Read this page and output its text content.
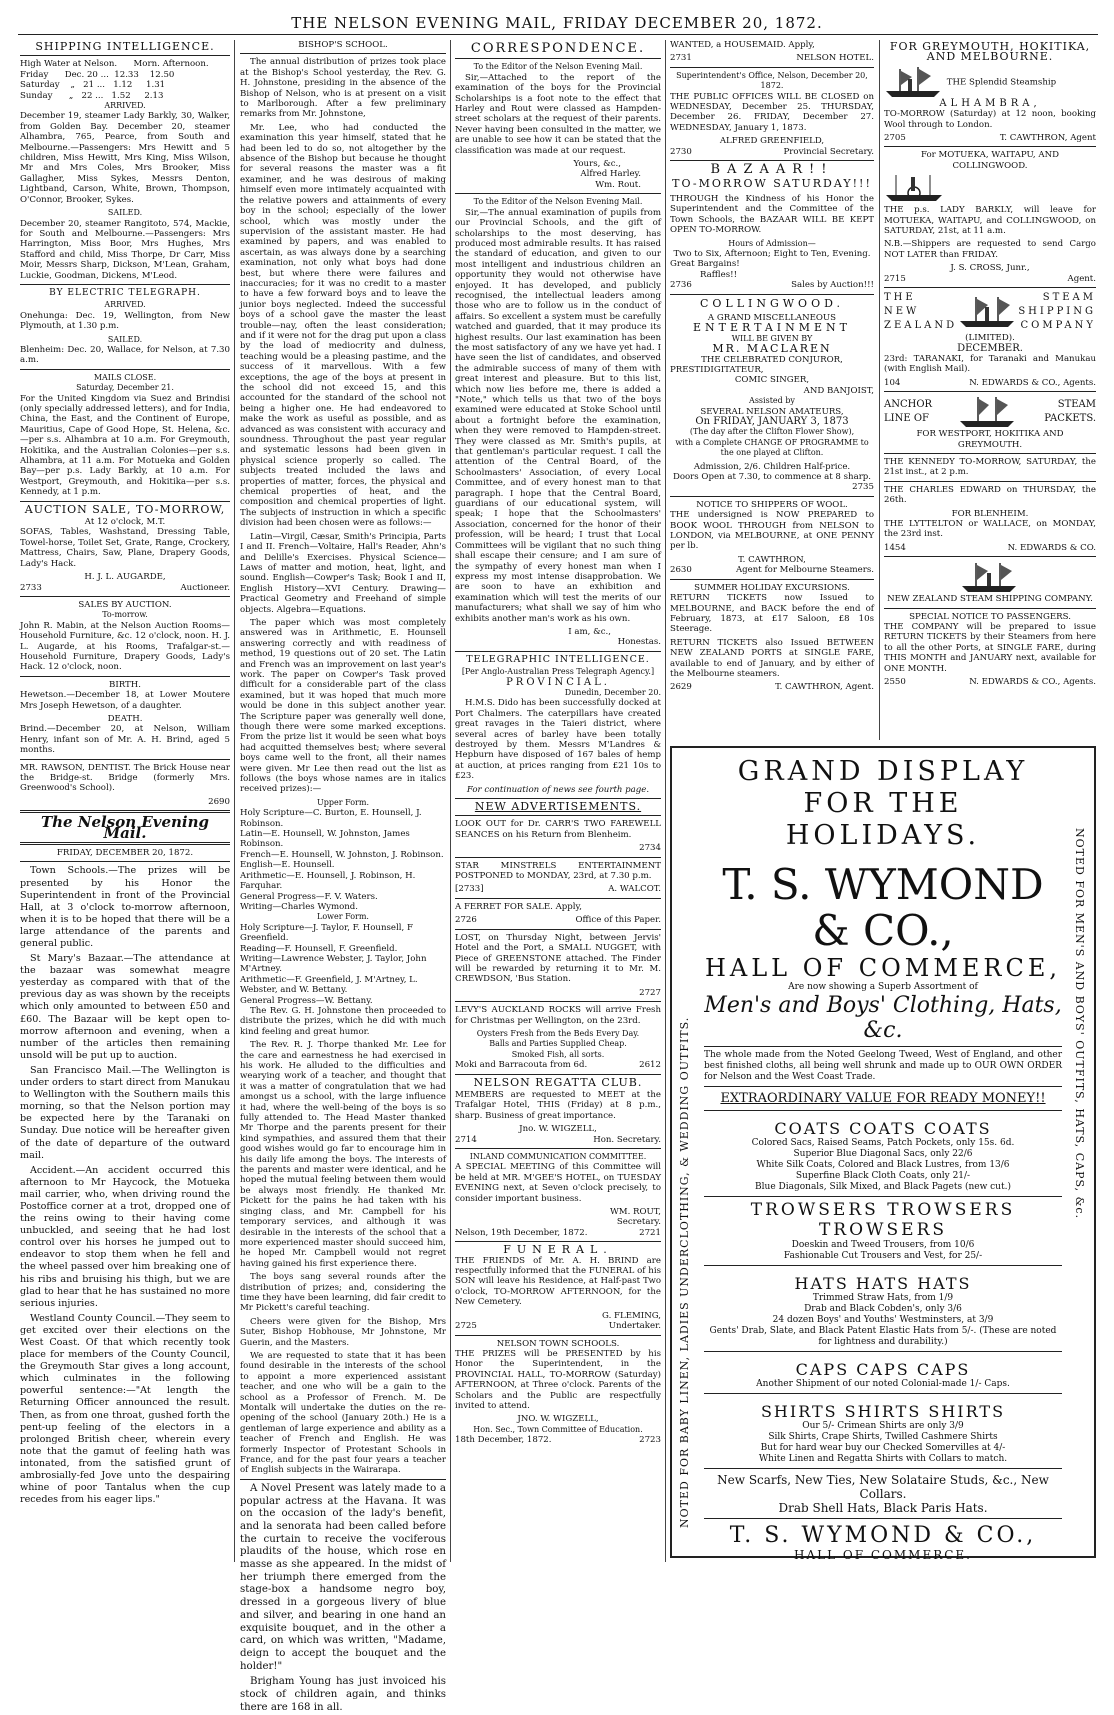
THE NELSON EVENING MAIL, FRIDAY DECEMBER 20, 1872.
SHIPPING INTELLIGENCE.
High Water at Nelson.      Morn. Afternoon.
Friday      Dec. 20 ...  12.33    12.50
Saturday    „   21 ...   1.12     1.31
Sunday      „   22 ...   1.52     2.13
ARRIVED.

December 19, steamer Lady Barkly, 30, Walker, from Golden Bay. December 20, steamer Alhambra, 765, Pearce, from South and Melbourne.—Passengers: Mrs Hewitt and 5 children, Miss Hewitt, Mrs King, Miss Wilson, Mr and Mrs Coles, Mrs Brooker, Miss Gallagher, Miss Sykes, Messrs Denton, Lightband, Carson, White, Brown, Thompson, O'Connor, Brooker, Sykes.

SAILED.

December 20, steamer Rangitoto, 574, Mackie, for South and Melbourne.—Passengers: Mrs Harrington, Miss Boor, Mrs Hughes, Mrs Stafford and child, Miss Thorpe, Dr Carr, Miss Moir, Messrs Sharp, Dickson, M'Lean, Graham, Luckie, Goodman, Dickens, M'Leod.

BY ELECTRIC TELEGRAPH.
ARRIVED.

Onehunga: Dec. 19, Wellington, from New Plymouth, at 1.30 p.m.

SAILED.

Blenheim: Dec. 20, Wallace, for Nelson, at 7.30 a.m.

MAILS CLOSE.
Saturday, December 21.

For the United Kingdom via Suez and Brindisi (only specially addressed letters), and for India, China, the East, and the Continent of Europe, Mauritius, Cape of Good Hope, St. Helena, &c.—per s.s. Alhambra at 10 a.m. For Greymouth, Hokitika, and the Australian Colonies—per s.s. Alhambra, at 11 a.m. For Motueka and Golden Bay—per p.s. Lady Barkly, at 10 a.m. For Westport, Greymouth, and Hokitika—per s.s. Kennedy, at 1 p.m.

AUCTION SALE, TO-MORROW,
At 12 o'clock, M.T.

SOFAS, Tables, Washstand, Dressing Table, Towel-horse, Toilet Set, Grate, Range, Crockery, Mattress, Chairs, Saw, Plane, Drapery Goods, Lady's Hack.

H. J. L. AUGARDE,
2733	Auctioneer.
SALES BY AUCTION.
To-morrow.

John R. Mabin, at the Nelson Auction Rooms—Household Furniture, &c. 12 o'clock, noon. H. J. L. Augarde, at his Rooms, Trafalgar-st.—Household Furniture, Drapery Goods, Lady's Hack. 12 o'clock, noon.

BIRTH.

Hewetson.—December 18, at Lower Moutere Mrs Joseph Hewetson, of a daughter.

DEATH.

Brind.—December 20, at Nelson, William Henry, infant son of Mr. A. H. Brind, aged 5 months.

MR. RAWSON, DENTIST. The Brick House near the Bridge-st. Bridge (formerly Mrs. Greenwood's School).

2690
The Nelson Evening Mail.
FRIDAY, DECEMBER 20, 1872.

Town Schools.—The prizes will be presented by his Honor the Superintendent in front of the Provincial Hall, at 3 o'clock to-morrow afternoon, when it is to be hoped that there will be a large attendance of the parents and general public.

St Mary's Bazaar.—The attendance at the bazaar was somewhat meagre yesterday as compared with that of the previous day as was shown by the receipts which only amounted to between £50 and £60. The Bazaar will be kept open to-morrow afternoon and evening, when a number of the articles then remaining unsold will be put up to auction.

San Francisco Mail.—The Wellington is under orders to start direct from Manukau to Wellington with the Southern mails this morning, so that the Nelson portion may be expected here by the Taranaki on Sunday. Due notice will be hereafter given of the date of departure of the outward mail.

Accident.—An accident occurred this afternoon to Mr Haycock, the Motueka mail carrier, who, when driving round the Postoffice corner at a trot, dropped one of the reins owing to their having come unbuckled, and seeing that he had lost control over his horses he jumped out to endeavor to stop them when he fell and the wheel passed over him breaking one of his ribs and bruising his thigh, but we are glad to hear that he has sustained no more serious injuries.

Westland County Council.—They seem to get excited over their elections on the West Coast. Of that which recently took place for members of the County Council, the Greymouth Star gives a long account, which culminates in the following powerful sentence:—"At length the Returning Officer announced the result. Then, as from one throat, gushed forth the pent-up feeling of the electors in a prolonged British cheer, wherein every note that the gamut of feeling hath was intonated, from the satisfied grunt of ambrosially-fed Jove unto the despairing whine of poor Tantalus when the cup recedes from his eager lips."

BISHOP'S SCHOOL.

The annual distribution of prizes took place at the Bishop's School yesterday, the Rev. G. H. Johnstone, presiding in the absence of the Bishop of Nelson, who is at present on a visit to Marlborough. After a few preliminary remarks from Mr. Johnstone,

Mr. Lee, who had conducted the examination this year himself, stated that he had been led to do so, not altogether by the absence of the Bishop but because he thought for several reasons the master was a fit examiner, and he was desirous of making himself even more intimately acquainted with the relative powers and attainments of every boy in the school; especially of the lower school, which was mostly under the supervision of the assistant master. He had examined by papers, and was enabled to ascertain, as was always done by a searching examination, not only what boys had done best, but where there were failures and inaccuracies; for it was no credit to a master to have a few forward boys and to leave the junior boys neglected. Indeed the successful boys of a school gave the master the least trouble—nay, often the least consideration; and if it were not for the drag put upon a class by the load of mediocrity and dulness, teaching would be a pleasing pastime, and the success of it marvellous. With a few exceptions, the age of the boys at present in the school did not exceed 15, and this accounted for the standard of the school not being a higher one. He had endeavored to make the work as useful as possible, and as advanced as was consistent with accuracy and soundness. Throughout the past year regular and systematic lessons had been given in physical science properly so called. The subjects treated included the laws and properties of matter, forces, the physical and chemical properties of heat, and the composition and chemical properties of light. The subjects of instruction in which a specific division had been chosen were as follows:—

Latin—Virgil, Cæsar, Smith's Principia, Parts I and II. French—Voltaire, Hall's Reader, Ahn's and Delille's Exercises. Physical Science—Laws of matter and motion, heat, light, and sound. English—Cowper's Task; Book I and II, English History—XVI Century. Drawing—Practical Geometry and Freehand of simple objects. Algebra—Equations.

The paper which was most completely answered was in Arithmetic, E. Hounsell answering correctly and with readiness of method, 19 questions out of 20 set. The Latin and French was an improvement on last year's work. The paper on Cowper's Task proved difficult for a considerable part of the class examined, but it was hoped that much more would be done in this subject another year. The Scripture paper was generally well done, though there were some marked exceptions. From the prize list it would be seen what boys had acquitted themselves best; where several boys came well to the front, all their names were given. Mr Lee then read out the list as follows (the boys whose names are in italics received prizes):—

Upper Form.
Holy Scripture—C. Burton, E. Hounsell, J. Robinson.
Latin—E. Hounsell, W. Johnston, James Robinson.
French—E. Hounsell, W. Johnston, J. Robinson.
English—E. Hounsell.
Arithmetic—E. Hounsell, J. Robinson, H. Farquhar.
General Progress—F. V. Waters.
Writing—Charles Wymond.
Lower Form.
Holy Scripture—J. Taylor, F. Hounsell, F Greenfield.
Reading—F. Hounsell, F. Greenfield.
Writing—Lawrence Webster, J. Taylor, John M'Artney.
Arithmetic—F. Greenfield, J. M'Artney, L. Webster, and W. Bettany.
General Progress—W. Bettany.

The Rev. G. H. Johnstone then proceeded to distribute the prizes, which he did with much kind feeling and great humor.

The Rev. R. J. Thorpe thanked Mr. Lee for the care and earnestness he had exercised in his work. He alluded to the difficulties and wearying work of a teacher, and thought that it was a matter of congratulation that we had amongst us a school, with the large influence it had, where the well-being of the boys is so fully attended to. The Head Master thanked Mr Thorpe and the parents present for their kind sympathies, and assured them that their good wishes would go far to encourage him in his daily life among the boys. The interests of the parents and master were identical, and he hoped the mutual feeling between them would be always most friendly. He thanked Mr. Pickett for the pains he had taken with his singing class, and Mr. Campbell for his temporary services, and although it was desirable in the interests of the school that a more experienced master should succeed him, he hoped Mr. Campbell would not regret having gained his first experience there.

The boys sang several rounds after the distribution of prizes; and, considering the time they have been learning, did fair credit to Mr Pickett's careful teaching.

Cheers were given for the Bishop, Mrs Suter, Bishop Hobhouse, Mr Johnstone, Mr Guerin, and the Masters.

We are requested to state that it has been found desirable in the interests of the school to appoint a more experienced assistant teacher, and one who will be a gain to the school as a Professor of French. M. De Montalk will undertake the duties on the re-opening of the school (January 20th.) He is a gentleman of large experience and ability as a teacher of French and English. He was formerly Inspector of Protestant Schools in France, and for the past four years a teacher of English subjects in the Wairarapa.

A Novel Present was lately made to a popular actress at the Havana. It was on the occasion of the lady's benefit, and la senorata had been called before the curtain to receive the vociferous plaudits of the house, which rose en masse as she appeared. In the midst of her triumph there emerged from the stage-box a handsome negro boy, dressed in a gorgeous livery of blue and silver, and bearing in one hand an exquisite bouquet, and in the other a card, on which was written, "Madame, deign to accept the bouquet and the holder!"

Brigham Young has just invoiced his stock of children again, and thinks there are 168 in all.

CORRESPONDENCE.
To the Editor of the Nelson Evening Mail.

Sir,—Attached to the report of the examination of the boys for the Provincial Scholarships is a foot note to the effect that Harley and Rout were classed as Hampden-street scholars at the request of their parents. Never having been consulted in the matter, we are unable to see how it can be stated that the classification was made at our request.

Yours, &c.,
Alfred Harley.
Wm. Rout.
To the Editor of the Nelson Evening Mail.

Sir,—The annual examination of pupils from our Provincial Schools, and the gift of scholarships to the most deserving, has produced most admirable results. It has raised the standard of education, and given to our most intelligent and industrious children an opportunity they would not otherwise have enjoyed. It has developed, and publicly recognised, the intellectual leaders among those who are to follow us in the conduct of affairs. So excellent a system must be carefully watched and guarded, that it may produce its highest results. Our last examination has been the most satisfactory of any we have yet had. I have seen the list of candidates, and observed the admirable success of many of them with great interest and pleasure. But to this list, which now lies before me, there is added a "Note," which tells us that two of the boys examined were educated at Stoke School until about a fortnight before the examination, when they were removed to Hampden-street. They were classed as Mr. Smith's pupils, at that gentleman's particular request. I call the attention of the Central Board, of the Schoolmasters' Association, of every Local Committee, and of every honest man to that paragraph. I hope that the Central Board, guardians of our educational system, will speak; I hope that the Schoolmasters' Association, concerned for the honor of their profession, will be heard; I trust that Local Committees will be vigilant that no such thing shall escape their censure; and I am sure of the sympathy of every honest man when I express my most intense disapprobation. We are soon to have an exhibition and examination which will test the merits of our manufacturers; what shall we say of him who exhibits another man's work as his own.

I am, &c.,
Honestas.
TELEGRAPHIC INTELLIGENCE.
[Per Anglo-Australian Press Telegraph Agency.]
PROVINCIAL.
Dunedin, December 20.

H.M.S. Dido has been successfully docked at Port Chalmers. The caterpillars have created great ravages in the Taieri district, where several acres of barley have been totally destroyed by them. Messrs M'Landres & Hepburn have disposed of 167 bales of hemp at auction, at prices ranging from £21 10s to £23.

For continuation of news see fourth page.
NEW ADVERTISEMENTS.

LOOK OUT for Dr. CARR'S TWO FAREWELL SEANCES on his Return from Blenheim.

2734

STAR MINSTRELS ENTERTAINMENT POSTPONED to MONDAY, 23rd, at 7.30 p.m.

[2733]	A. WALCOT.

A FERRET FOR SALE. Apply,

2726	Office of this Paper.

LOST, on Thursday Night, between Jervis' Hotel and the Port, a SMALL NUGGET, with Piece of GREENSTONE attached. The Finder will be rewarded by returning it to Mr. M. CREWDSON, 'Bus Station.

2727

LEVY'S AUCKLAND ROCKS will arrive Fresh for Christmas per Wellington, on the 23rd.

Oysters Fresh from the Beds Every Day.
Balls and Parties Supplied Cheap.
Smoked Fish, all sorts.
Moki and Barracouta from 6d.	2612
NELSON REGATTA CLUB.

MEMBERS are requested to MEET at the Trafalgar Hotel, THIS (Friday) at 8 p.m., sharp. Business of great importance.

Jno. W. WIGZELL,
2714	Hon. Secretary.
INLAND COMMUNICATION COMMITTEE.

A SPECIAL MEETING of this Committee will be held at MR. M'GEE'S HOTEL, on TUESDAY EVENING next, at Seven o'clock precisely, to consider important business.

WM. ROUT,
Secretary.
Nelson, 19th December, 1872.	2721
FUNERAL.

THE FRIENDS of Mr. A. H. BRIND are respectfully informed that the FUNERAL of his SON will leave his Residence, at Half-past Two o'clock, TO-MORROW AFTERNOON, for the New Cemetery.

G. FLEMING,
2725	Undertaker.
NELSON TOWN SCHOOLS.

THE PRIZES will be PRESENTED by his Honor the Superintendent, in the PROVINCIAL HALL, TO-MORROW (Saturday) AFTERNOON, at Three o'clock. Parents of the Scholars and the Public are respectfully invited to attend.

JNO. W. WIGZELL,
Hon. Sec., Town Committee of Education.
18th December, 1872.	2723

WANTED, a HOUSEMAID. Apply,

2731	NELSON HOTEL.
Superintendent's Office, Nelson, December 20, 1872.

THE PUBLIC OFFICES WILL BE CLOSED on WEDNESDAY, December 25. THURSDAY, December 26. FRIDAY, December 27. WEDNESDAY, January 1, 1873.

ALFRED GREENFIELD,
2730	Provincial Secretary.
BAZAAR!!
TO-MORROW SATURDAY!!!

THROUGH the Kindness of his Honor the Superintendent and the Committee of the Town Schools, the BAZAAR WILL BE KEPT OPEN TO-MORROW.

Hours of Admission—
Two to Six, Afternoon; Eight to Ten, Evening.
Great Bargains!
Raffles!!
2736	Sales by Auction!!!
COLLINGWOOD.
A GRAND MISCELLANEOUS
ENTERTAINMENT
WILL BE GIVEN BY
MR. MACLAREN
THE CELEBRATED CONJUROR,
PRESTIDIGITATEUR,
COMIC SINGER,
AND BANJOIST,
Assisted by
SEVERAL NELSON AMATEURS,
On FRIDAY, JANUARY 3, 1873
(The day after the Clifton Flower Show),
with a Complete CHANGE OF PROGRAMME to the one played at Clifton.
Admission, 2/6. Children Half-price.
Doors Open at 7.30, to commence at 8 sharp.
2735
NOTICE TO SHIPPERS OF WOOL.

THE undersigned is NOW PREPARED to BOOK WOOL THROUGH from NELSON to LONDON, via MELBOURNE, at ONE PENNY per lb.

T. CAWTHRON,
2630	Agent for Melbourne Steamers.
SUMMER HOLIDAY EXCURSIONS.

RETURN TICKETS now Issued to MELBOURNE, and BACK before the end of February, 1873, at £17 Saloon, £8 10s Steerage.

RETURN TICKETS also Issued BETWEEN NEW ZEALAND PORTS at SINGLE FARE, available to end of January, and by either of the Melbourne steamers.

2629	T. CAWTHRON, Agent.
FOR GREYMOUTH, HOKITIKA, AND MELBOURNE.
THE Splendid Steamship
ALHAMBRA,

TO-MORROW (Saturday) at 12 noon, booking Wool through to London.

2705	T. CAWTHRON, Agent
For MOTUEKA, WAITAPU, AND COLLINGWOOD.

THE p.s. LADY BARKLY, will leave for MOTUEKA, WAITAPU, and COLLINGWOOD, on SATURDAY, 21st, at 11 a.m.

N.B.—Shippers are requested to send Cargo NOT LATER than FRIDAY.

J. S. CROSS, Junr.,
2715	Agent.
THE
NEW
ZEALAND
STEAM
SHIPPING
COMPANY
(LIMITED).
DECEMBER.

23rd: TARANAKI, for Taranaki and Manukau (with English Mail).

104	N. EDWARDS & CO., Agents.
ANCHOR
LINE OF
STEAM
PACKETS.
FOR WESTPORT, HOKITIKA AND GREYMOUTH.

THE KENNEDY TO-MORROW, SATURDAY, the 21st inst., at 2 p.m.

THE CHARLES EDWARD on THURSDAY, the 26th.

FOR BLENHEIM.

THE LYTTELTON or WALLACE, on MONDAY, the 23rd inst.

1454	N. EDWARDS & CO.
NEW ZEALAND STEAM SHIPPING COMPANY.
SPECIAL NOTICE TO PASSENGERS.

THE COMPANY will be prepared to issue RETURN TICKETS by their Steamers from here to all the other Ports, at SINGLE FARE, during THIS MONTH and JANUARY next, available for ONE MONTH.

2550	N. EDWARDS & CO., Agents.
NOTED FOR BABY LINEN, LADIES UNDERCLOTHING, & WEDDING OUTFITS.	NOTED FOR MEN'S AND BOYS' OUTFITS, HATS, CAPS, &c.
GRAND DISPLAY
FOR THE HOLIDAYS.
T. S. WYMOND & CO.,
HALL OF COMMERCE,
Are now showing a Superb Assortment of
Men's and Boys' Clothing, Hats, &c.

The whole made from the Noted Geelong Tweed, West of England, and other best finished cloths, all being well shrunk and made up to OUR OWN ORDER for Nelson and the West Coast Trade.

EXTRAORDINARY VALUE FOR READY MONEY!!
COATS COATS COATS
Colored Sacs, Raised Seams, Patch Pockets, only 15s. 6d.
Superior Blue Diagonal Sacs, only 22/6
White Silk Coats, Colored and Black Lustres, from 13/6
Superfine Black Cloth Coats, only 21/-
Blue Diagonals, Silk Mixed, and Black Pagets (new cut.)
TROWSERS TROWSERS TROWSERS
Doeskin and Tweed Trousers, from 10/6
Fashionable Cut Trousers and Vest, for 25/-
HATS HATS HATS
Trimmed Straw Hats, from 1/9
Drab and Black Cobden's, only 3/6
24 dozen Boys' and Youths' Westminsters, at 3/9
Gents' Drab, Slate, and Black Patent Elastic Hats from 5/-. (These are noted for lightness and durability.)
CAPS CAPS CAPS
Another Shipment of our noted Colonial-made 1/- Caps.
SHIRTS SHIRTS SHIRTS
Our 5/- Crimean Shirts are only 3/9
Silk Shirts, Crape Shirts, Twilled Cashmere Shirts
But for hard wear buy our Checked Somervilles at 4/-
White Linen and Regatta Shirts with Collars to match.
New Scarfs, New Ties, New Solataire Studs, &c., New Collars.
Drab Shell Hats, Black Paris Hats.
T. S. WYMOND & CO.,
HALL OF COMMERCE.
